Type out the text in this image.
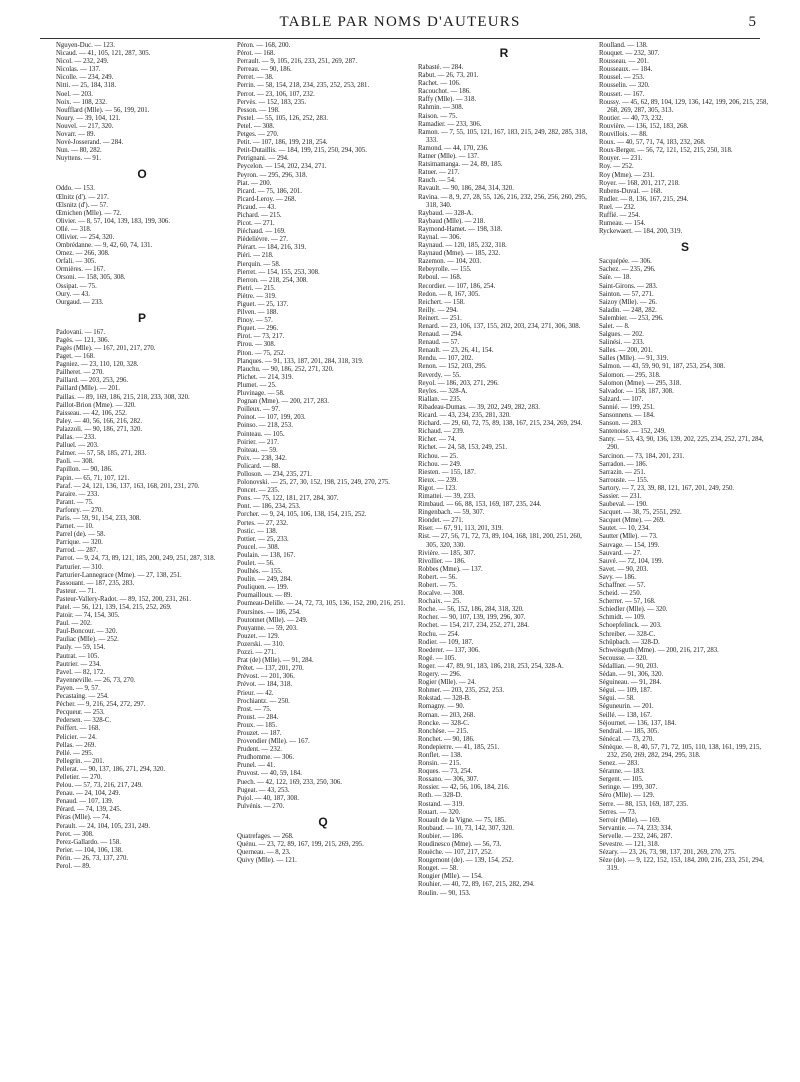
TABLE PAR NOMS D'AUTEURS	5
Nguyen-Duc. — 123.
Nicaud. — 41, 105, 121, 287, 305.
Nicol. — 232, 249.
Nicolas. — 137.
Nicolle. — 234, 249.
Nitti. — 25, 184, 318.
Noel. — 203.
Noix. — 108, 232.
Noufflard (Mlle). — 56, 199, 201.
Noury. — 39, 104, 121.
Nouvel. — 217, 320.
Novarr. — 89.
Novè-Josserand. — 284.
Nun. — 80, 282.
Nuyttens. — 91.
O
Oddo. — 153.
Œlnitz (d'). — 217.
Œlsnitz (d'). — 57.
Œmichen (Mlle). — 72.
Olivier. — 8, 57, 104, 139, 183, 199, 306.
Ollé. — 318.
Ollivier. — 254, 320.
Ombrédanne. — 9, 42, 60, 74, 131.
Omez. — 266, 308.
Orfali. — 305.
Ormières. — 167.
Orsoni. — 158, 305, 308.
Ossipat. — 75.
Oury. — 43.
Ourgaud. — 233.
P
Padovani. — 167.
Pagès. — 121, 306.
Pagès (Mlle). — 167, 201, 217, 270.
Paget. — 168.
Pagniez. — 23, 110, 120, 328.
Pailheret. — 270.
Paillard. — 203, 253, 296.
Paillard (Mlle). — 201.
Paillas. — 89, 169, 186, 215, 218, 233, 308, 320.
Paillot-Brion (Mme). — 320.
Paisseau. — 42, 106, 252.
Paley. — 40, 56, 166, 216, 282.
Palazzoli. — 90, 186, 271, 320.
Pallas. — 233.
Palluel. — 203.
Palmer. — 57, 58, 185, 271, 283.
Paoli. — 308.
Papillon. — 90, 186.
Papin. — 65, 71, 107, 121.
Paraf. — 24, 121, 136, 137, 163, 168, 201, 231, 270.
Paraire. — 233.
Parant. — 75.
Parfonry. — 270.
Paris. — 59, 91, 154, 233, 308.
Parnet. — 10.
Parrel (de). — 58.
Parrique. — 320.
Parrod. — 287.
Parrot. — 9, 24, 73, 89, 121, 185, 200, 249, 251, 287, 318.
Parturier. — 310.
Parturier-Lannegrace (Mme). — 27, 138, 251.
Passouant. — 187, 235, 283.
Pasteur. — 71.
Pasteur-Vallery-Radot. — 89, 152, 200, 231, 261.
Patel. — 56, 121, 139, 154, 215, 252, 269.
Patoir. — 74, 154, 305.
Paul. — 202.
Paul-Boncour. — 320.
Pauliac (Mlle). — 252.
Pauly. — 59, 154.
Pautrat. — 105.
Pautrier. — 234.
Pavel. — 82, 172.
Payenneville. — 26, 73, 270.
Payen. — 9, 57.
Pecastaing. — 254.
Pécher. — 9, 216, 254, 272, 297.
Pecqueur. — 253.
Pedersen. — 328-C.
Peiffert. — 168.
Pelicier. — 24.
Pellas. — 269.
Pellé. — 295.
Pellegrin. — 201.
Pellerat. — 90, 137, 186, 271, 294, 320.
Pelletier. — 270.
Pelou. — 57, 73, 216, 217, 249.
Penau. — 24, 104, 249.
Penaud. — 107, 139.
Pérard. — 74, 139, 245.
Péras (Mlle). — 74.
Perault. — 24, 104, 105, 231, 249.
Peret. — 308.
Perez-Gallardo. — 158.
Perier. — 104, 106, 138.
Périn. — 26, 73, 137, 270.
Perol. — 89.
Péron. — 168, 200.
Pérot. — 168.
Perrault. — 9, 105, 216, 233, 251, 269, 287.
Perreau. — 90, 186.
Perret. — 38.
Perrin. — 58, 154, 218, 234, 235, 252, 253, 281.
Perrot. — 23, 106, 107, 232.
Pervès. — 152, 183, 235.
Pesson. — 198.
Pestel. — 55, 105, 126, 252, 283.
Petel. — 308.
Petges. — 270.
Petit. — 107, 186, 199, 218, 254.
Petit-Dutaillis. — 184, 199, 215, 250, 294, 305.
Petrignani. — 294.
Peycelon. — 154, 202, 234, 271.
Peyron. — 295, 296, 318.
Piat. — 200.
Picard. — 75, 186, 201.
Picard-Leroy. — 268.
Picaud. — 43.
Pichard. — 215.
Picot. — 271.
Pièchaud. — 169.
Pièdelièvre. — 27.
Piérart. — 184, 216, 319.
Piéri. — 218.
Pierquin. — 58.
Pierret. — 154, 155, 253, 308.
Pierron. — 218, 254, 308.
Pietri. — 215.
Piètre. — 319.
Piguet. — 25, 137.
Pilven. — 188.
Pinoy. — 57.
Piquet. — 296.
Pirot. — 73, 217.
Pirou. — 308.
Piton. — 75, 252.
Planques. — 91, 133, 187, 201, 284, 318, 319.
Plauchu. — 90, 186, 252, 271, 320.
Plichet. — 214, 319.
Plumet. — 25.
Pluvinage. — 58.
Pognan (Mme). — 200, 217, 283.
Poilleux. — 97.
Poinot. — 107, 199, 203.
Poinso. — 218, 253.
Pointeau. — 105.
Poirier. — 217.
Poiteau. — 59.
Poix. — 238, 342.
Policard. — 88.
Polloson. — 234, 235, 271.
Polonovski. — 25, 27, 30, 152, 198, 215, 249, 270, 275.
Poncet. — 235.
Pons. — 75, 122, 181, 217, 284, 307.
Pont. — 186, 234, 253.
Porcher. — 9, 24, 105, 106, 138, 154, 215, 252.
Portes. — 27, 232.
Postic. — 138.
Pottier. — 25, 233.
Poucel. — 308.
Poulain. — 138, 167.
Poulet. — 56.
Poulhès. — 155.
Poulin. — 249, 284.
Pouliquen. — 199.
Poumailloux. — 89.
Poumeau-Delille. — 24, 72, 73, 105, 136, 152, 200, 216, 251.
Poursines. — 186, 254.
Poutonnet (Mlle). — 249.
Pouyanne. — 59, 203.
Pouzet. — 129.
Pozerski. — 310.
Pozzi. — 271.
Prat (de) (Mlle). — 91, 284.
Prêtet. — 137, 201, 270.
Prévost. — 201, 306.
Prévot. — 184, 318.
Prieur. — 42.
Prochiantz. — 250.
Prost. — 75.
Proust. — 284.
Proux. — 185.
Prouzet. — 187.
Provendier (Mlle). — 167.
Prudent. — 232.
Prudhomme. — 306.
Prunel. — 41.
Pruvost. — 40, 59, 184.
Puech. — 42, 122, 169, 233, 250, 306.
Pugeat. — 43, 253.
Pujol. — 40, 187, 308.
Pulvénis. — 270.
Q
Quatrefages. — 268.
Quénu. — 23, 72, 89, 167, 199, 215, 269, 295.
Querneau. — 8, 23.
Quivy (Mlle). — 121.
R
Rabasté. — 284.
Rabut. — 26, 73, 201.
Rachet. — 106.
Racouchot. — 186.
Raffy (Mlle). — 318.
Rahmin. — 308.
Raison. — 75.
Ramadier. — 233, 306.
Ramon. — 7, 55, 105, 121, 167, 183, 215, 249, 282, 285, 318, 333.
Ramond. — 44, 170, 236.
Ratner (Mlle). — 137.
Ratsimamanga. — 24, 89, 185.
Ratuer. — 217.
Rauch. — 54.
Ravault. — 90, 186, 284, 314, 320.
Ravina. — 8, 9, 27, 28, 55, 126, 216, 232, 256, 256, 260, 295, 318, 340.
Raybaud. — 328-A.
Raybaud (Mlle). — 218.
Raymond-Hamet. — 198, 318.
Raynal. — 306.
Raynaud. — 120, 185, 232, 318.
Raynaud (Mme). — 185, 232.
Razemon. — 104, 203.
Rebeyrolle. — 155.
Reboul. — 168.
Recordier. — 107, 186, 254.
Redon. — 8, 167, 305.
Reichert. — 158.
Reilly. — 294.
Reinert. — 251.
Renard. — 23, 106, 137, 155, 202, 203, 234, 271, 306, 308.
Renaud. — 294.
Renaud. — 57.
Renault. — 23, 26, 41, 154.
Rendu. — 107, 202.
Renon. — 152, 203, 295.
Reverdy. — 55.
Reyol. — 186, 203, 271, 296.
Reyles. — 328-A.
Riallan. — 235.
Ribadeau-Dumas. — 39, 202, 249, 282, 283.
Ricard. — 43, 234, 235, 281, 320.
Richard. — 29, 60, 72, 75, 89, 138, 167, 215, 234, 269, 294.
Richaud. — 239.
Richer. — 74.
Richet. — 24, 58, 153, 249, 251.
Richou. — 25.
Richou. — 249.
Riesten. — 155, 187.
Rieux. — 239.
Rigot. — 123.
Rimattei. — 39, 233.
Rimbaud. — 66, 88, 153, 169, 187, 235, 244.
Ringenbach. — 59, 307.
Riondet. — 271.
Riser. — 67, 91, 113, 201, 319.
Rist. — 27, 56, 71, 72, 73, 89, 104, 168, 181, 200, 251, 260, 305, 320, 330.
Rivière. — 185, 307.
Rivollier. — 186.
Robbes (Mme). — 137.
Robert. — 56.
Robert. — 75.
Rocalve. — 308.
Rochaix. — 25.
Roche. — 56, 152, 186, 284, 318, 320.
Rocher. — 90, 107, 139, 199, 296, 307.
Rochet. — 154, 217, 234, 252, 271, 284.
Rochu. — 254.
Rodier. — 109, 187.
Roederer. — 137, 306.
Rogé. — 105.
Roger. — 47, 89, 91, 183, 186, 218, 253, 254, 328-A.
Rogery. — 296.
Rogier (Mlle). — 24.
Rohmer. — 203, 235, 252, 253.
Rokstad. — 328-B.
Romagny. — 90.
Roman. — 203, 268.
Roncke. — 328-C.
Ronchèse. — 215.
Ronchet. — 90, 186.
Rondepierre. — 41, 185, 251.
Ronflet. — 138.
Ronsin. — 215.
Roques. — 73, 254.
Rossano. — 306, 307.
Rossier. — 42, 56, 106, 184, 216.
Roth. — 328-D.
Rostand. — 319.
Rouart. — 320.
Rouault de la Vigne. — 75, 185.
Roubaud. — 10, 73, 142, 307, 320.
Roubier. — 186.
Roudinesco (Mme). — 56, 73.
Rouèche. — 107, 217, 252.
Rougemont (de). — 139, 154, 252.
Rouget. — 58.
Rougier (Mlle). — 154.
Rouhier. — 40, 72, 89, 167, 215, 282, 294.
Roulin. — 90, 153.
Roulland. — 138.
Rouquet. — 232, 307.
Rousseau. — 201.
Rousseaux. — 184.
Roussel. — 253.
Rousselin. — 320.
Rousset. — 167.
Roussy. — 45, 62, 89, 104, 129, 136, 142, 199, 206, 215, 258, 268, 269, 287, 305, 313.
Routier. — 40, 73, 232.
Rouvière. — 136, 152, 183, 268.
Rouvillois. — 88.
Roux. — 40, 57, 71, 74, 183, 232, 268.
Roux-Berger. — 56, 72, 121, 152, 215, 250, 318.
Rouyer. — 231.
Roy. — 252.
Roy (Mme). — 231.
Royer. — 168, 201, 217, 218.
Rubens-Duval. — 168.
Rudler. — 8, 136, 167, 215, 294.
Ruel. — 232.
Ruffié. — 254.
Rumeau. — 154.
Ryckewaert. — 184, 200, 319.
S
Sacquépée. — 306.
Sachez. — 235, 296.
Saïe. — 18.
Saint-Girons. — 283.
Sainton. — 57, 271.
Saizoy (Mlle). — 26.
Saladin. — 248, 282.
Salembier. — 253, 296.
Salet. — 8.
Salgues. — 202.
Salinési. — 233.
Salles. — 200, 201.
Salles (Mlle). — 91, 319.
Salmon. — 43, 59, 90, 91, 187, 253, 254, 308.
Salomon. — 295, 318.
Salomon (Mme). — 295, 318.
Salvador. — 158, 187, 308.
Salzard. — 107.
Sannié. — 199, 251.
Sansonnens. — 184.
Sanson. — 283.
Santenoise. — 152, 249.
Santy. — 53, 43, 90, 136, 139, 202, 225, 234, 252, 271, 284, 290.
Sarcinon. — 73, 184, 201, 231.
Sarradon. — 186.
Sarrazin. — 251.
Sarrouste. — 155.
Sartory. — 7, 23, 39, 88, 121, 167, 201, 249, 250.
Sassier. — 231.
Saubeval. — 190.
Sacquet. — 38, 75, 2551, 292.
Sacquet (Mme). — 269.
Sautet. — 10, 234.
Sautter (Mlle). — 73.
Sauvage. — 154, 199.
Sauvard. — 27.
Sauvé. — 72, 104, 199.
Savet. — 90, 203.
Savy. — 186.
Schaffner. — 57.
Scheid. — 250.
Scherrer. — 57, 168.
Schiedler (Mlle). — 320.
Schmidt. — 109.
Schoepfelinck. — 203.
Schreiber. — 328-C.
Schüpbach. — 328-D.
Schweisguth (Mme). — 200, 216, 217, 283.
Secousse. — 320.
Sédallian. — 90, 203.
Sédan. — 91, 306, 320.
Séguineau. — 91, 284.
Ségui. — 109, 187.
Ségui. — 58.
Séguneurin. — 201.
Seillé. — 138, 167.
Séjournet. — 136, 137, 184.
Sendrail. — 185, 305.
Sénécal. — 73, 270.
Sénèque. — 8, 40, 57, 71, 72, 105, 110, 138, 161, 199, 215, 232, 250, 269, 282, 294, 295, 318.
Senez. — 283.
Séranne. — 183.
Sergent. — 105.
Seringe. — 199, 307.
Séro (Mlle). — 129.
Serre. — 88, 153, 169, 187, 235.
Serres. — 73.
Serroir (Mlle). — 169.
Servantie. — 74, 233; 334.
Servelle. — 232, 246, 287.
Sevestre. — 121, 318.
Sézary. — 23, 26, 73, 98, 137, 201, 269, 270, 275.
Sèze (de). — 9, 122, 152, 153, 184, 200, 216, 233, 251, 294, 319.
